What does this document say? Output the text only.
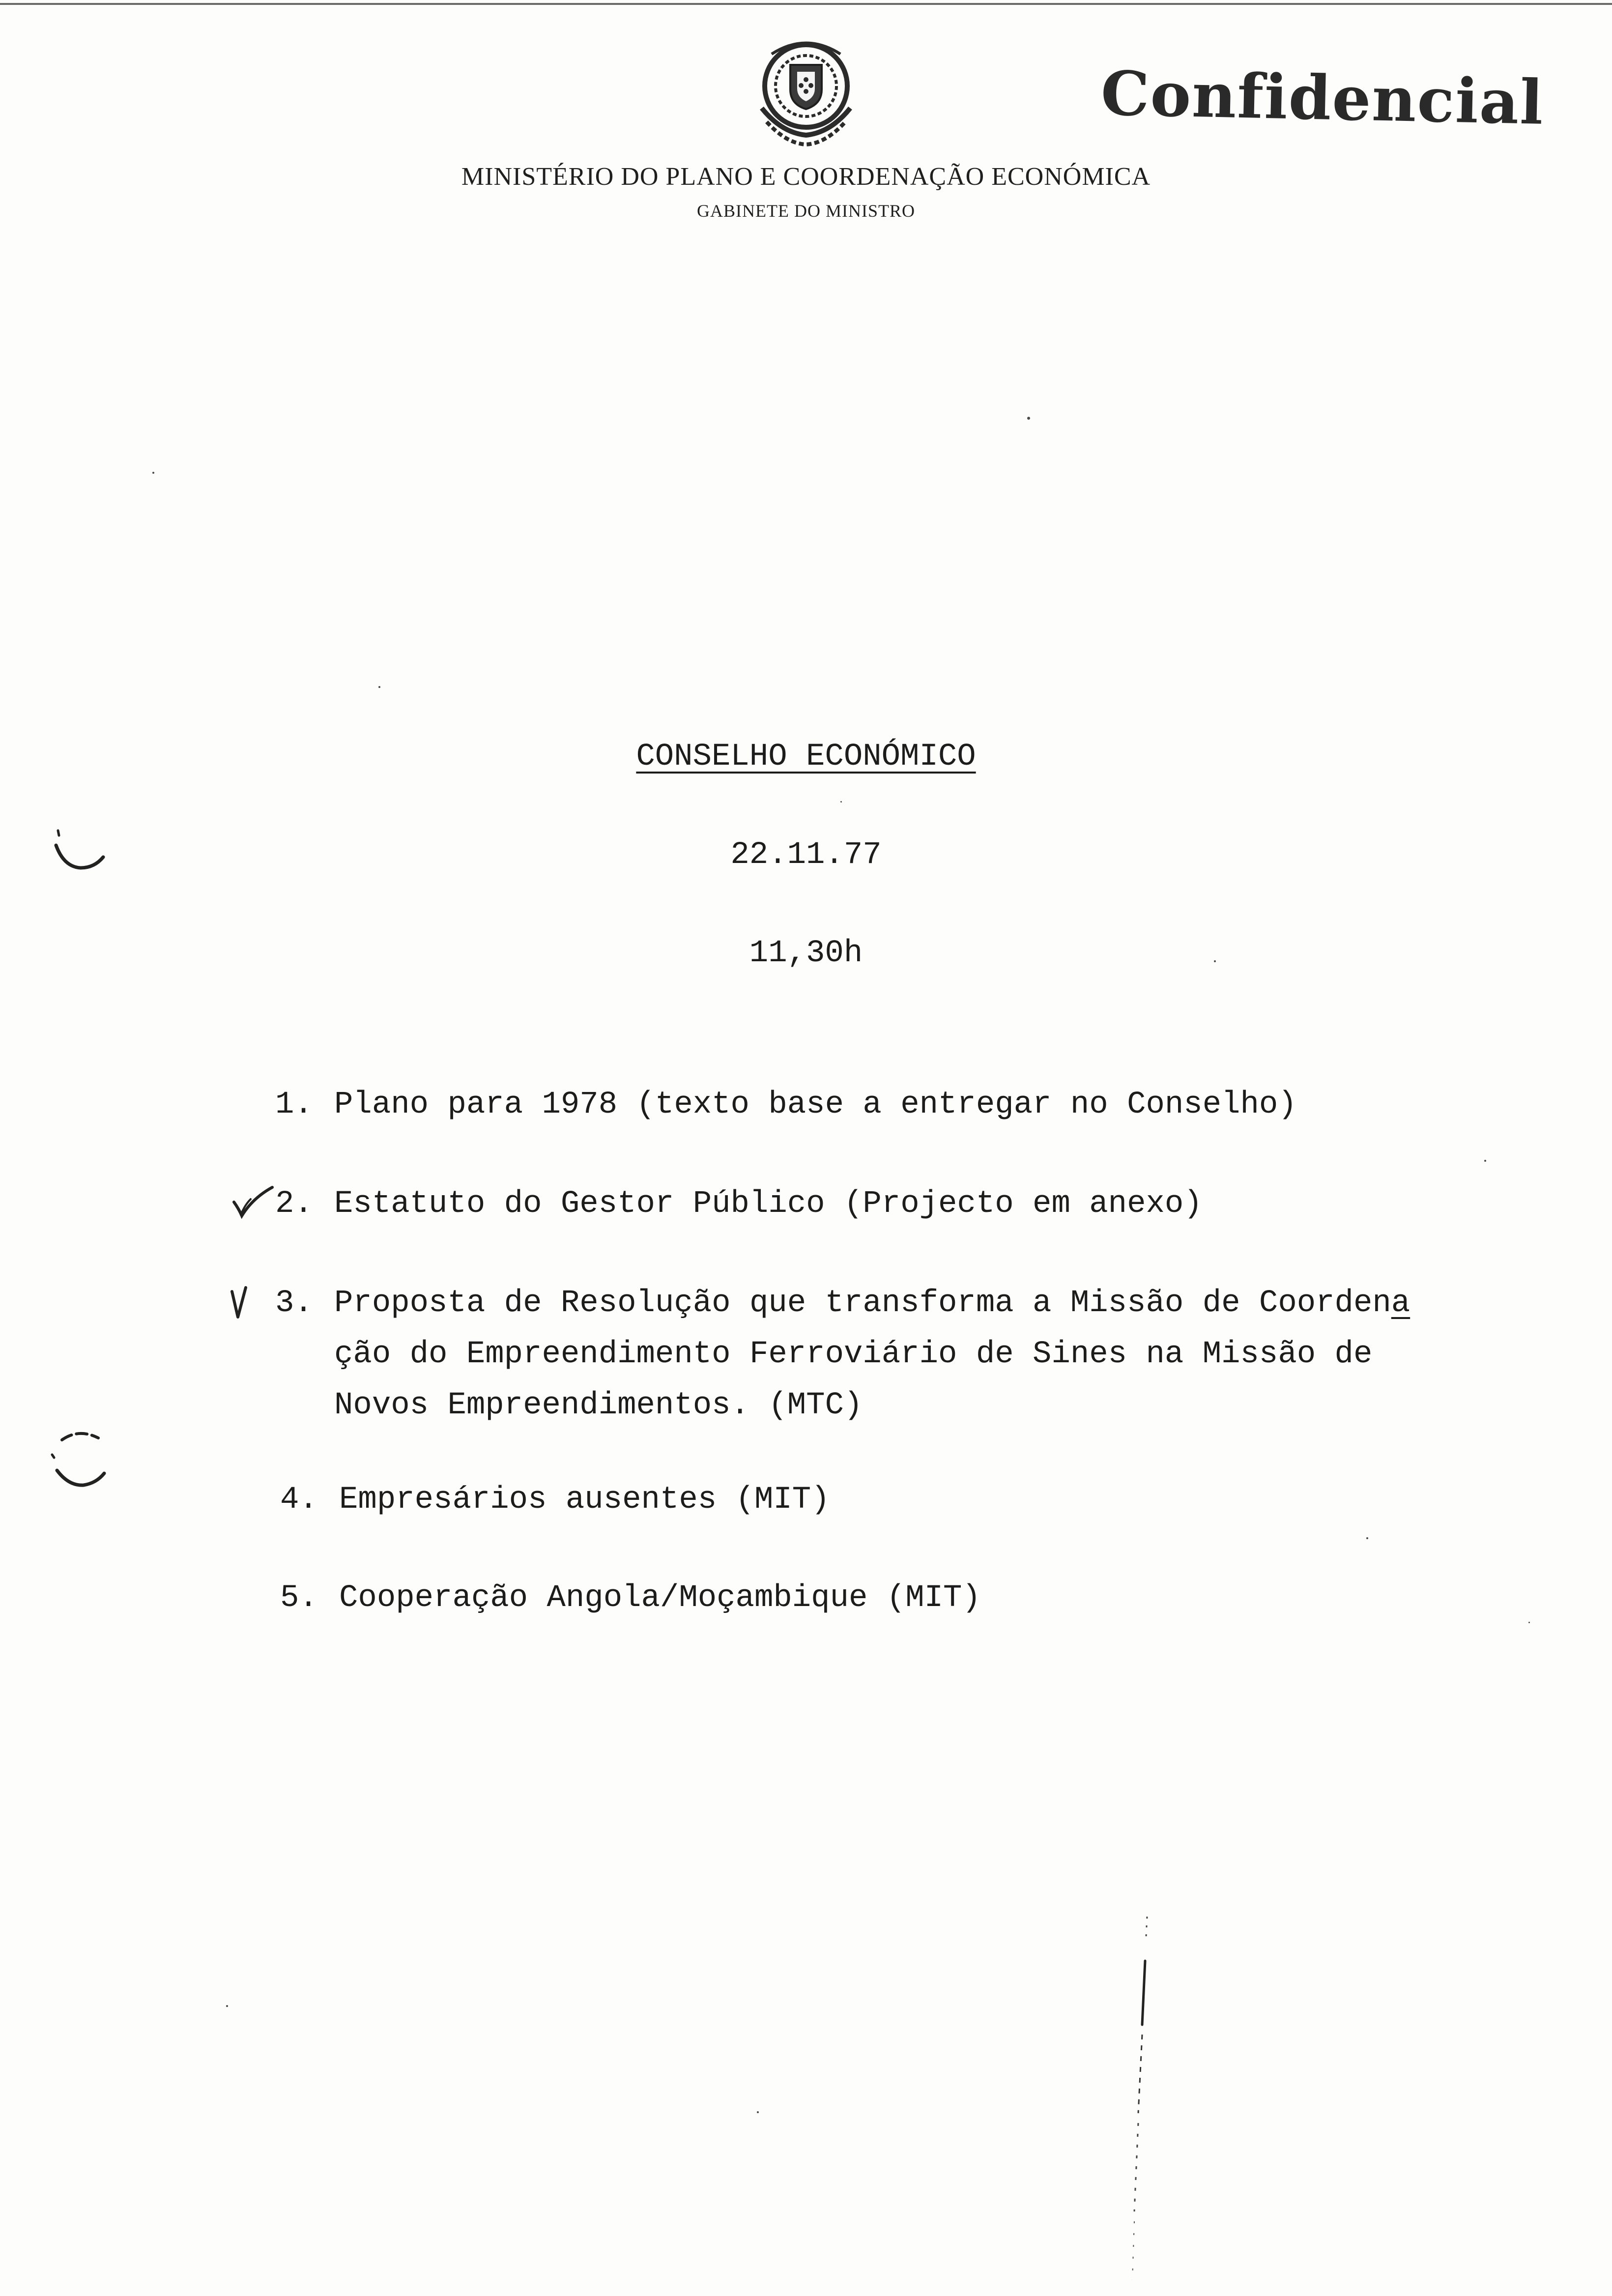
Confidencial
MINISTÉRIO DO PLANO E COORDENAÇÃO ECONÓMICA
GABINETE DO MINISTRO
CONSELHO ECONÓMICO
22.11.77
11,30h
1. Plano para 1978 (texto base a entregar no Conselho)
2. Estatuto do Gestor Público (Projecto em anexo)
3. Proposta de Resolução que transforma a Missão de Coordena
ção do Empreendimento Ferroviário de Sines na Missão de
Novos Empreendimentos. (MTC)
4. Empresários ausentes (MIT)
5. Cooperação Angola/Moçambique (MIT)
